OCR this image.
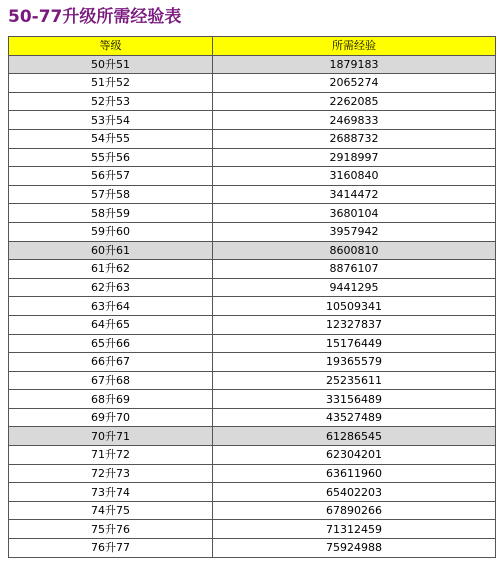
50-77升级所需经验表
等级	所需经验
50升51	1879183
51升52	2065274
52升53	2262085
53升54	2469833
54升55	2688732
55升56	2918997
56升57	3160840
57升58	3414472
58升59	3680104
59升60	3957942
60升61	8600810
61升62	8876107
62升63	9441295
63升64	10509341
64升65	12327837
65升66	15176449
66升67	19365579
67升68	25235611
68升69	33156489
69升70	43527489
70升71	61286545
71升72	62304201
72升73	63611960
73升74	65402203
74升75	67890266
75升76	71312459
76升77	75924988
